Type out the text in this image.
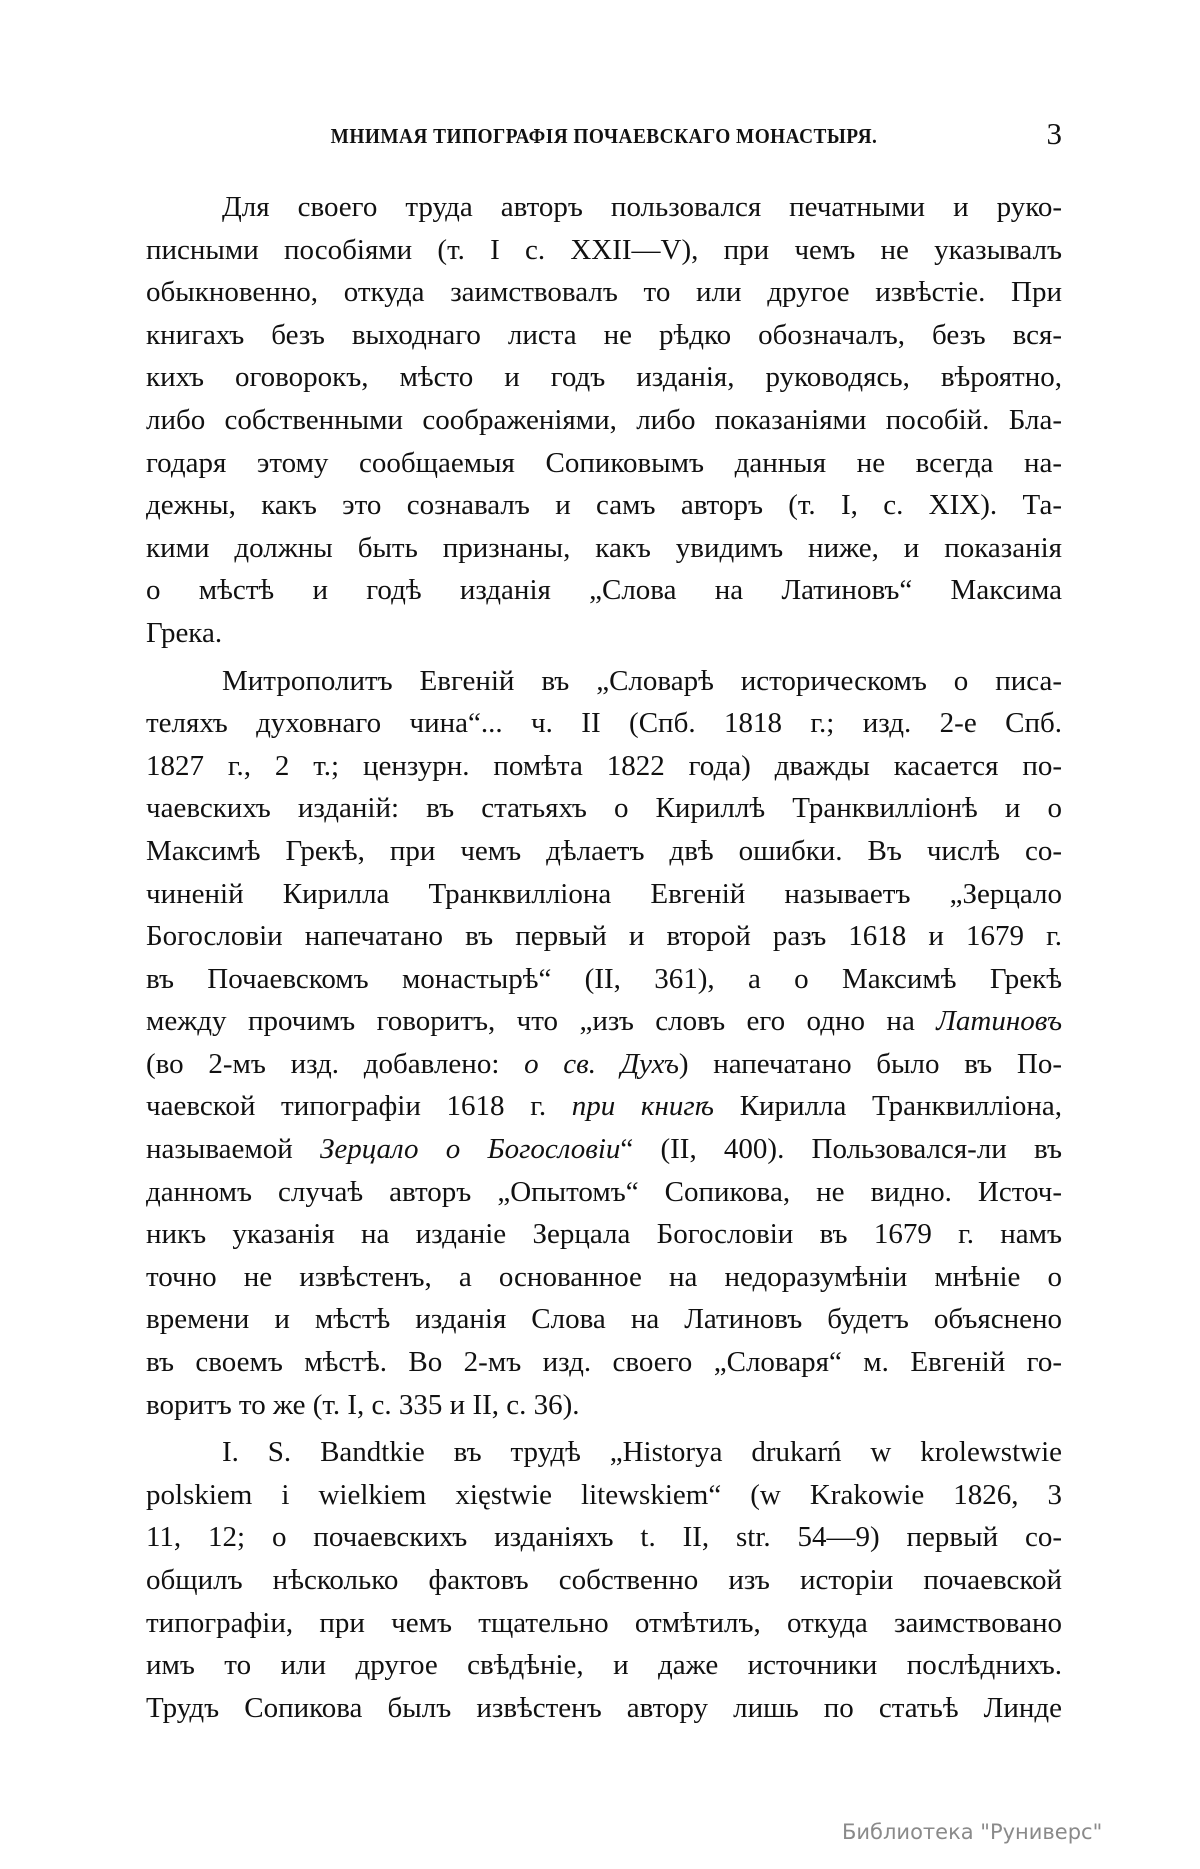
МНИМАЯ ТИПОГРАФІЯ ПОЧАЕВСКАГО МОНАСТЫРЯ.	3
Для своего труда авторъ пользовался печатными и руко-
писными пособіями (т. I с. XXII—V), при чемъ не указывалъ
обыкновенно, откуда заимствовалъ то или другое извѣстіе. При
книгахъ безъ выходнаго листа не рѣдко обозначалъ, безъ вся-
кихъ оговорокъ, мѣсто и годъ изданія, руководясь, вѣроятно,
либо собственными соображеніями, либо показаніями пособій. Бла-
годаря этому сообщаемыя Сопиковымъ данныя не всегда на-
дежны, какъ это сознавалъ и самъ авторъ (т. I, с. XIX). Та-
кими должны быть признаны, какъ увидимъ ниже, и показанія
о мѣстѣ и годѣ изданія „Слова на Латиновъ“ Максима
Грека.
Митрополитъ Евгеній въ „Словарѣ историческомъ о писа-
теляхъ духовнаго чина“... ч. II (Спб. 1818 г.; изд. 2-е Спб.
1827 г., 2 т.; цензурн. помѣта 1822 года) дважды касается по-
чаевскихъ изданій: въ статьяхъ о Кириллѣ Транквилліонѣ и о
Максимѣ Грекѣ, при чемъ дѣлаетъ двѣ ошибки. Въ числѣ со-
чиненій Кирилла Транквилліона Евгеній называетъ „Зерцало
Богословіи напечатано въ первый и второй разъ 1618 и 1679 г.
въ Почаевскомъ монастырѣ“ (II, 361), а о Максимѣ Грекѣ
между прочимъ говоритъ, что „изъ словъ его одно на Латиновъ
(во 2-мъ изд. добавлено: о св. Духъ) напечатано было въ По-
чаевской типографіи 1618 г. при книгѣ Кирилла Транквилліона,
называемой Зерцало о Богословіи“ (II, 400). Пользовался-ли въ
данномъ случаѣ авторъ „Опытомъ“ Сопикова, не видно. Источ-
никъ указанія на изданіе Зерцала Богословіи въ 1679 г. намъ
точно не извѣстенъ, а основанное на недоразумѣніи мнѣніе о
времени и мѣстѣ изданія Слова на Латиновъ будетъ объяснено
въ своемъ мѣстѣ. Во 2-мъ изд. своего „Словаря“ м. Евгеній го-
воритъ то же (т. I, с. 335 и II, с. 36).
I. S. Bandtkie въ трудѣ „Historya drukarń w krolewstwie
polskiem i wielkiem xięstwie litewskiem“ (w Krakowie 1826, 3
11, 12; о почаевскихъ изданіяхъ t. II, str. 54—9) первый со-
общилъ нѣсколько фактовъ собственно изъ исторіи почаевской
типографіи, при чемъ тщательно отмѣтилъ, откуда заимствовано
имъ то или другое свѣдѣніе, и даже источники послѣднихъ.
Трудъ Сопикова былъ извѣстенъ автору лишь по статьѣ Линде
Библиотека "Руниверс"
